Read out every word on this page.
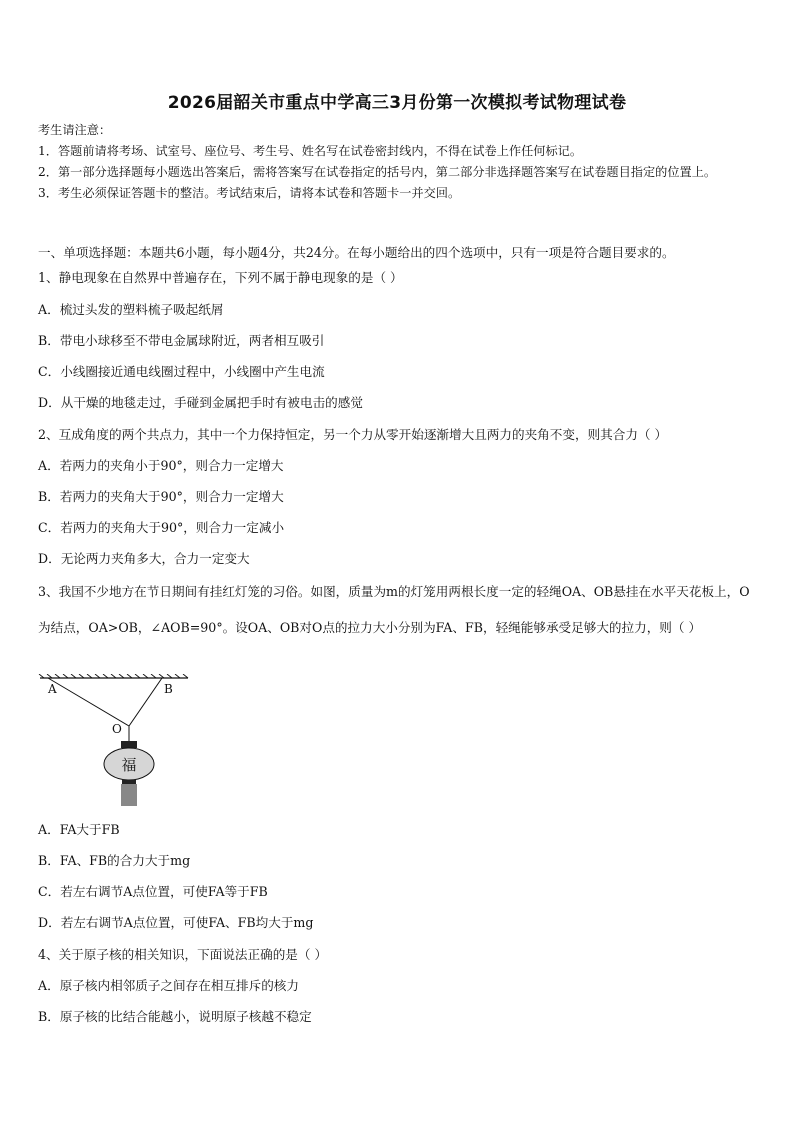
2026届韶关市重点中学高三3月份第一次模拟考试物理试卷

考生请注意：

1．答题前请将考场、试室号、座位号、考生号、姓名写在试卷密封线内，不得在试卷上作任何标记。

2．第一部分选择题每小题选出答案后，需将答案写在试卷指定的括号内，第二部分非选择题答案写在试卷题目指定的位置上。

3．考生必须保证答题卡的整洁。考试结束后，请将本试卷和答题卡一并交回。

一、单项选择题：本题共6小题，每小题4分，共24分。在每小题给出的四个选项中，只有一项是符合题目要求的。
1、静电现象在自然界中普遍存在，下列不属于静电现象的是（ ）
A．梳过头发的塑料梳子吸起纸屑
B．带电小球移至不带电金属球附近，两者相互吸引
C．小线圈接近通电线圈过程中，小线圈中产生电流
D．从干燥的地毯走过，手碰到金属把手时有被电击的感觉
2、互成角度的两个共点力，其中一个力保持恒定，另一个力从零开始逐渐增大且两力的夹角不变，则其合力（ ）
A．若两力的夹角小于90°，则合力一定增大
B．若两力的夹角大于90°，则合力一定增大
C．若两力的夹角大于90°，则合力一定减小
D．无论两力夹角多大，合力一定变大
3、我国不少地方在节日期间有挂红灯笼的习俗。如图，质量为m的灯笼用两根长度一定的轻绳OA、OB悬挂在水平天花板上，O为结点，OA>OB，∠AOB=90°。设OA、OB对O点的拉力大小分别为FA、FB，轻绳能够承受足够大的拉力，则（ ）
A	B
O
福
A．FA大于FB
B．FA、FB的合力大于mg
C．若左右调节A点位置，可使FA等于FB
D．若左右调节A点位置，可使FA、FB均大于mg
4、关于原子核的相关知识，下面说法正确的是（ ）
A．原子核内相邻质子之间存在相互排斥的核力
B．原子核的比结合能越小，说明原子核越不稳定
